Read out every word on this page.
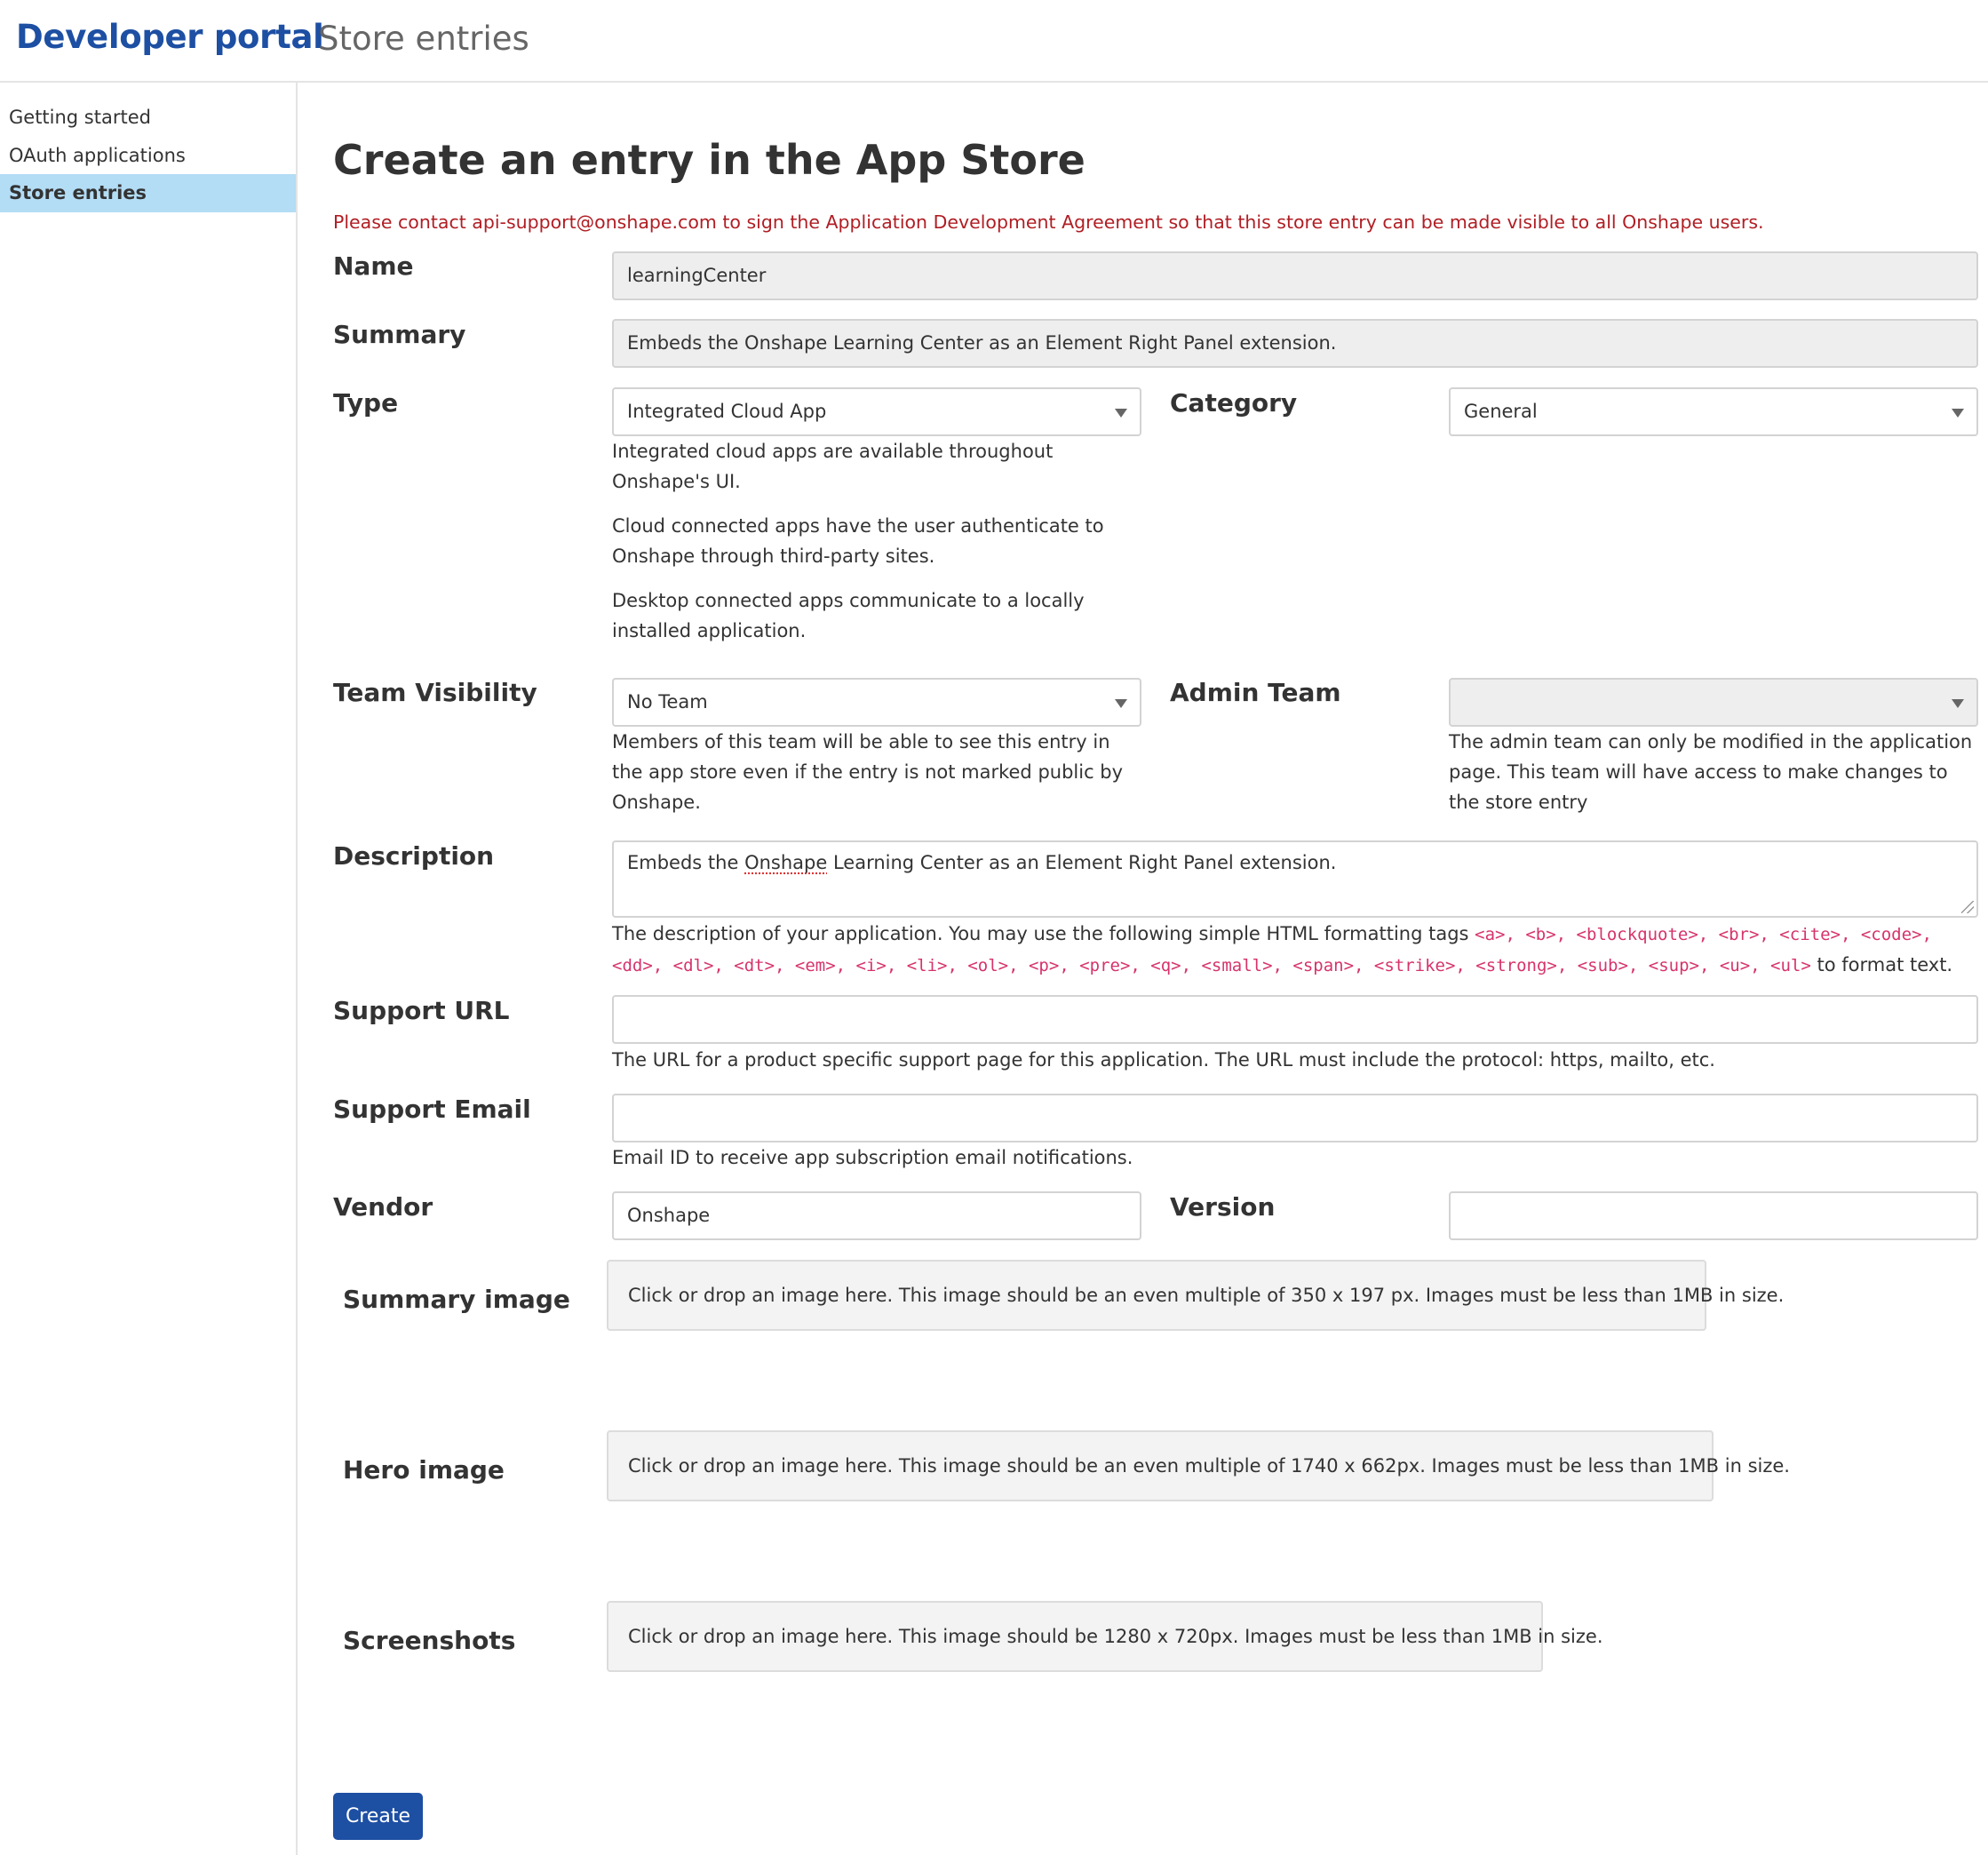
Developer portal
Store entries
Getting started
OAuth applications
Store entries
Create an entry in the App Store
Please contact api-support@onshape.com to sign the Application Development Agreement so that this store entry can be made visible to all Onshape users.
Name	learningCenter
Summary	Embeds the Onshape Learning Center as an Element Right Panel extension.
Type	Integrated Cloud App
Integrated cloud apps are available throughout Onshape's UI.
Cloud connected apps have the user authenticate to Onshape through third-party sites.
Desktop connected apps communicate to a locally installed application.
Category	General
Team Visibility	No Team
Members of this team will be able to see this entry in the app store even if the entry is not marked public by Onshape.
Admin Team
The admin team can only be modified in the application page. This team will have access to make changes to the store entry
Description	Embeds the Onshape Learning Center as an Element Right Panel extension.
The description of your application. You may use the following simple HTML formatting tags <a>, <b>, <blockquote>, <br>, <cite>, <code>, <dd>, <dl>, <dt>, <em>, <i>, <li>, <ol>, <p>, <pre>, <q>, <small>, <span>, <strike>, <strong>, <sub>, <sup>, <u>, <ul> to format text.
Support URL
The URL for a product specific support page for this application. The URL must include the protocol: https, mailto, etc.
Support Email
Email ID to receive app subscription email notifications.
Vendor	Onshape	Version
Summary image	Click or drop an image here. This image should be an even multiple of 350 x 197 px. Images must be less than 1MB in size.
Hero image	Click or drop an image here. This image should be an even multiple of 1740 x 662px. Images must be less than 1MB in size.
Screenshots	Click or drop an image here. This image should be 1280 x 720px. Images must be less than 1MB in size.
Create
